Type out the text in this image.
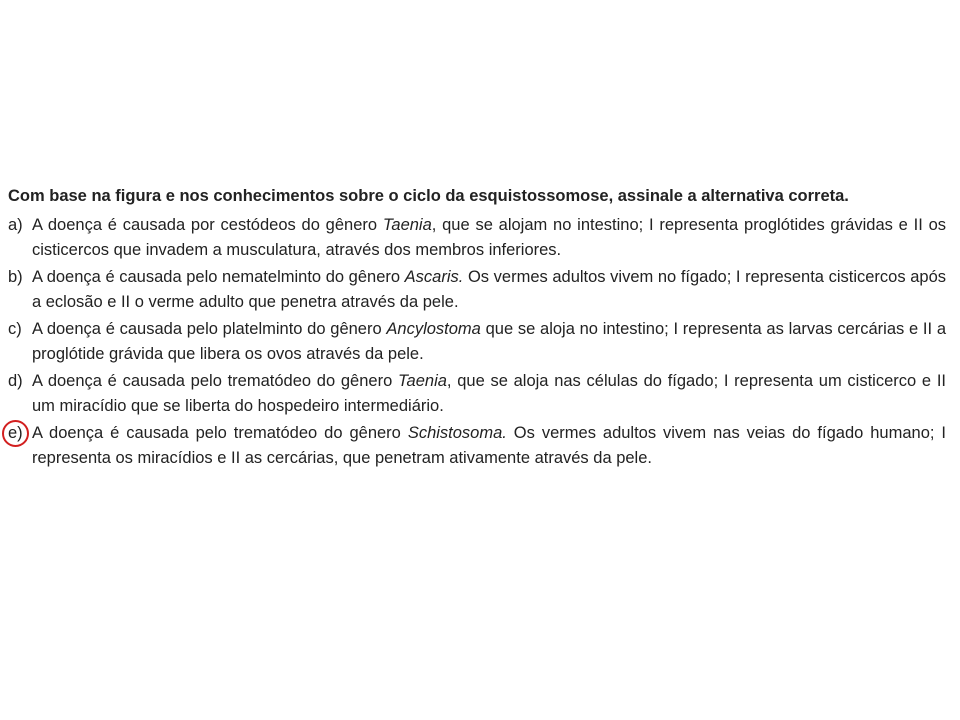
Com base na figura e nos conhecimentos sobre o ciclo da esquistossomose, assinale a alternativa correta.

a) A doença é causada por cestódeos do gênero Taenia, que se alojam no intestino; I representa proglótides grávidas e II os cisticercos que invadem a musculatura, através dos membros inferiores.
b) A doença é causada pelo nematelminto do gênero Ascaris. Os vermes adultos vivem no fígado; I representa cisticercos após a eclosão e II o verme adulto que penetra através da pele.
c) A doença é causada pelo platelminto do gênero Ancylostoma que se aloja no intestino; I representa as larvas cercárias e II a proglótide grávida que libera os ovos através da pele.
d) A doença é causada pelo trematódeo do gênero Taenia, que se aloja nas células do fígado; I representa um cisticerco e II um miracídio que se liberta do hospedeiro intermediário.
e) A doença é causada pelo trematódeo do gênero Schistosoma. Os vermes adultos vivem nas veias do fígado humano; I representa os miracídios e II as cercárias, que penetram ativamente através da pele.
